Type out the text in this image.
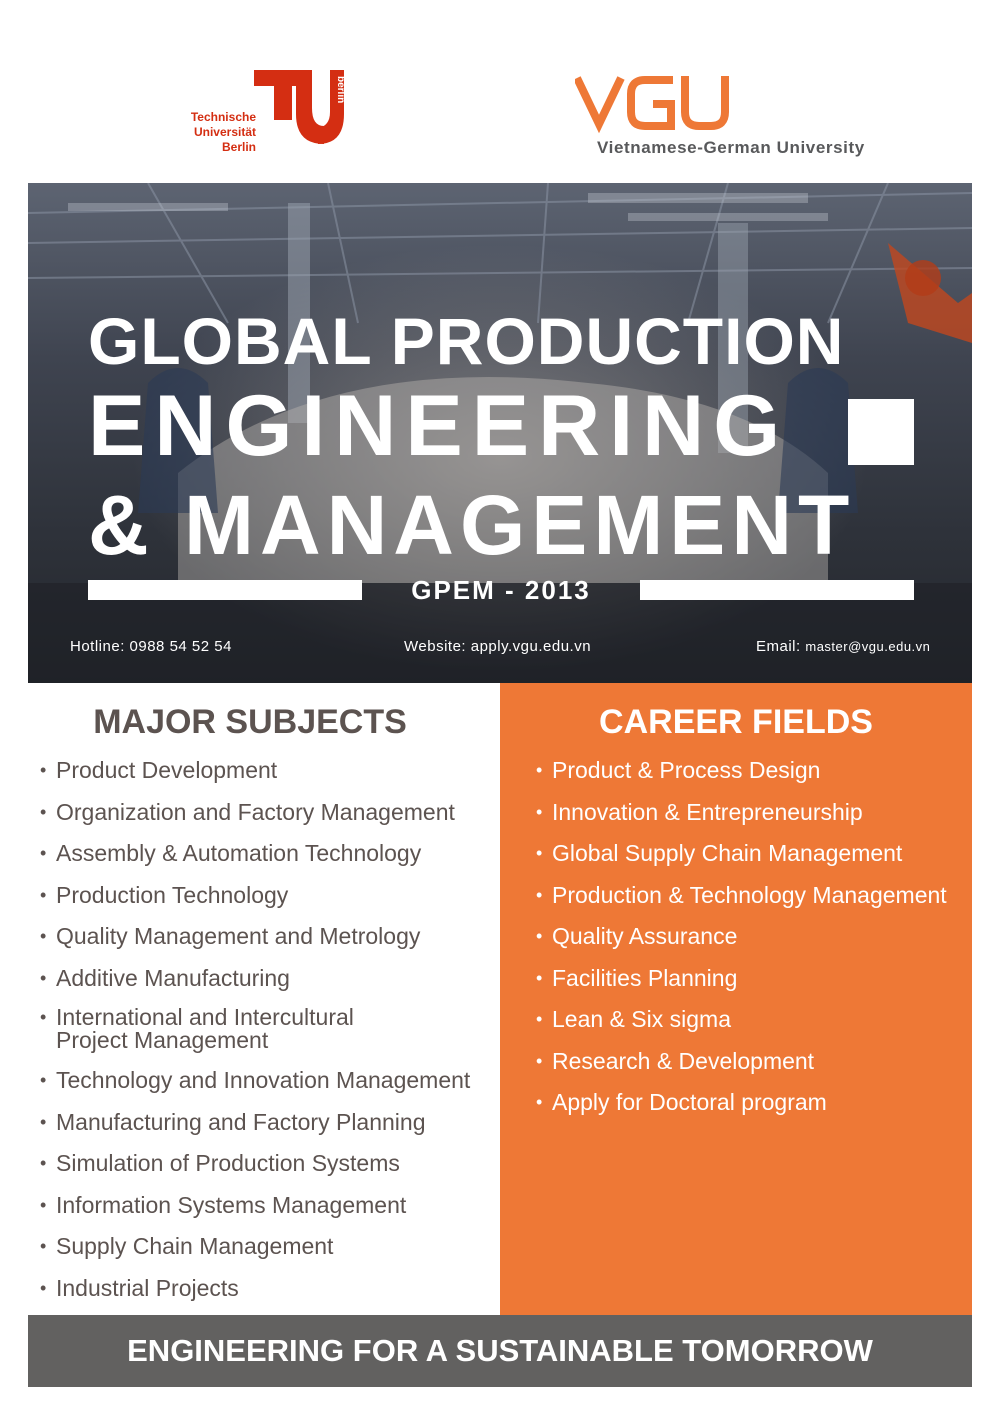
Technische
Universität
Berlin
berlin
Vietnamese-German University
GLOBAL PRODUCTION
ENGINEERING
& MANAGEMENT
GPEM - 2013
Hotline: 0988 54 52 54	Website: apply.vgu.edu.vn	Email: master@vgu.edu.vn
MAJOR SUBJECTS
• Product Development
• Organization and Factory Management
• Assembly & Automation Technology
• Production Technology
• Quality Management and Metrology
• Additive Manufacturing
• International and Intercultural Project Management
• Technology and Innovation Management
• Manufacturing and Factory Planning
• Simulation of Production Systems
• Information Systems Management
• Supply Chain Management
• Industrial Projects
CAREER FIELDS
• Product & Process Design
• Innovation & Entrepreneurship
• Global Supply Chain Management
• Production & Technology Management
• Quality Assurance
• Facilities Planning
• Lean & Six sigma
• Research & Development
• Apply for Doctoral program
ENGINEERING FOR A SUSTAINABLE TOMORROW
